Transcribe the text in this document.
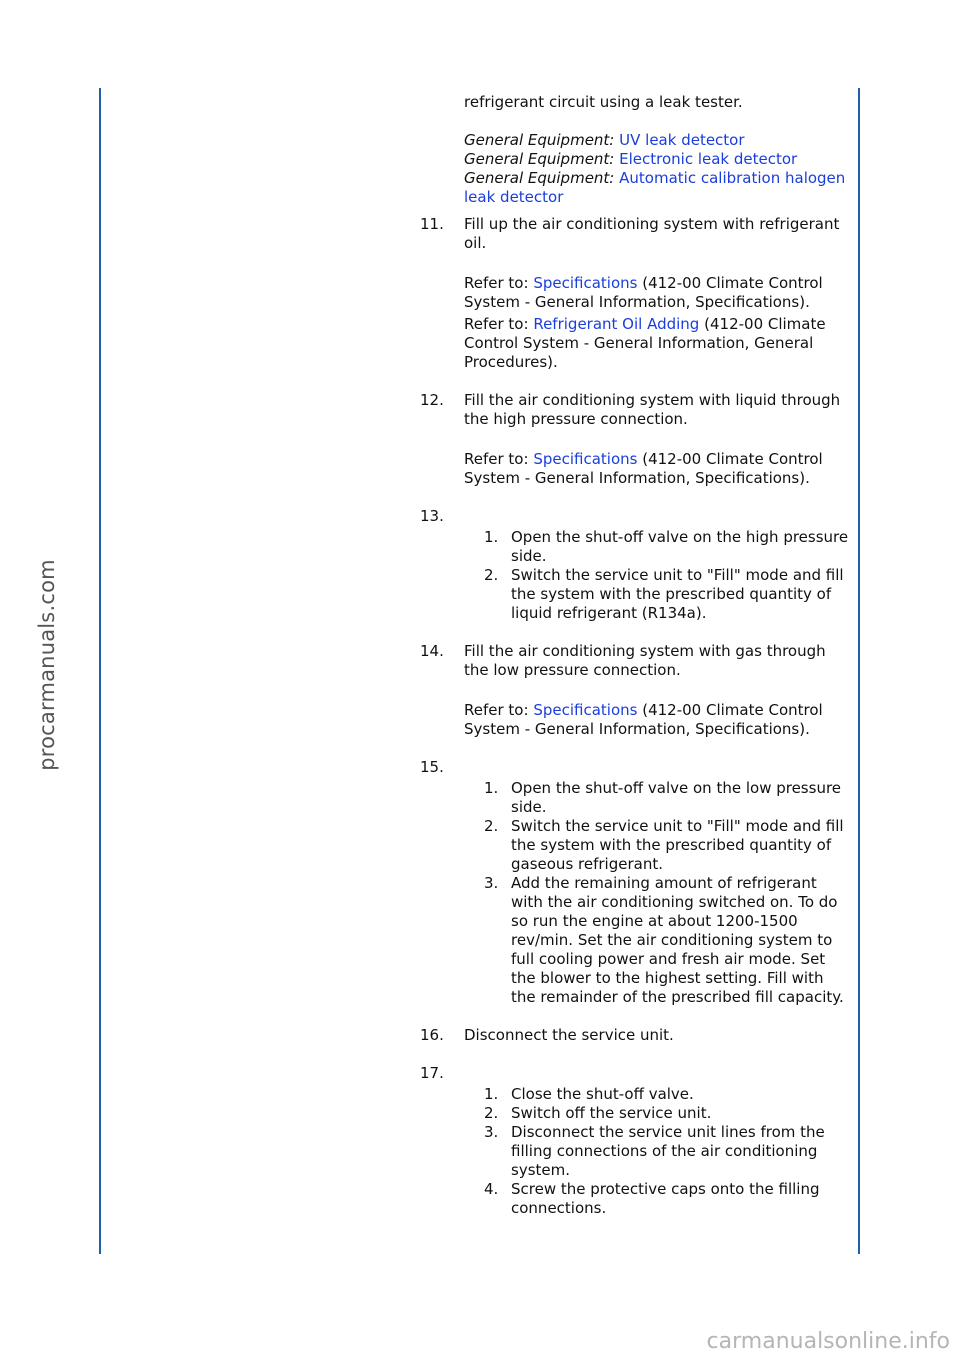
procarmanuals.com
carmanualsonline.info
refrigerant circuit using a leak tester.
General Equipment: UV leak detector
General Equipment: Electronic leak detector
General Equipment: Automatic calibration halogen leak detector
11.	Fill up the air conditioning system with refrigerant oil.
Refer to: Specifications (412-00 Climate Control System - General Information, Specifications).
Refer to: Refrigerant Oil Adding (412-00 Climate Control System - General Information, General Procedures).
12.	Fill the air conditioning system with liquid through the high pressure connection.
Refer to: Specifications (412-00 Climate Control System - General Information, Specifications).
13.
1. Open the shut-off valve on the high pressure side.
2. Switch the service unit to "Fill" mode and fill the system with the prescribed quantity of liquid refrigerant (R134a).
14.	Fill the air conditioning system with gas through the low pressure connection.
Refer to: Specifications (412-00 Climate Control System - General Information, Specifications).
15.
1. Open the shut-off valve on the low pressure side.
2. Switch the service unit to "Fill" mode and fill the system with the prescribed quantity of gaseous refrigerant.
3. Add the remaining amount of refrigerant with the air conditioning switched on. To do so run the engine at about 1200-1500 rev/min. Set the air conditioning system to full cooling power and fresh air mode. Set the blower to the highest setting. Fill with the remainder of the prescribed fill capacity.
16.	Disconnect the service unit.
17.
1. Close the shut-off valve.
2. Switch off the service unit.
3. Disconnect the service unit lines from the filling connections of the air conditioning system.
4. Screw the protective caps onto the filling connections.
